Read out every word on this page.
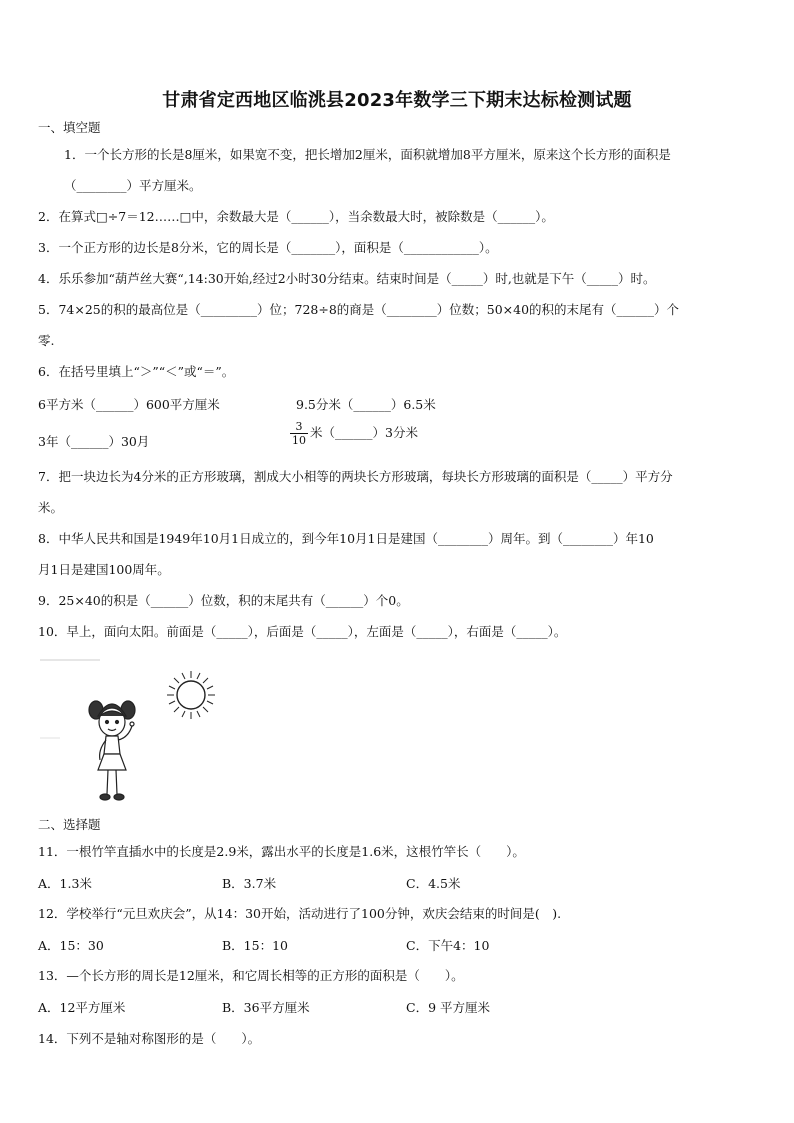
甘肃省定西地区临洮县2023年数学三下期末达标检测试题
一、填空题
1．一个长方形的长是8厘米，如果宽不变，把长增加2厘米，面积就增加8平方厘米，原来这个长方形的面积是
（________）平方厘米。
2．在算式□÷7＝12……□中，余数最大是（______），当余数最大时，被除数是（______）。
3．一个正方形的边长是8分米，它的周长是（_______），面积是（____________）。
4．乐乐参加“葫芦丝大赛“,14:30开始,经过2小时30分结束。结束时间是（_____）时,也就是下午（_____）时。
5．74×25的积的最高位是（_________）位；728÷8的商是（________）位数；50×40的积的末尾有（______）个
零.
6．在括号里填上“＞”“＜”或“＝”。
6平方米（______）600平方厘米	9.5分米（______）6.5米
3年（______）30月	$\frac{3}{10}$ 米（______）3分米
7．把一块边长为4分米的正方形玻璃，割成大小相等的两块长方形玻璃，每块长方形玻璃的面积是（_____）平方分
米。
8．中华人民共和国是1949年10月1日成立的，到今年10月1日是建国（________）周年。到（________）年10
月1日是建国100周年。
9．25×40的积是（______）位数，积的末尾共有（______）个0。
10．早上，面向太阳。前面是（_____），后面是（_____），左面是（_____），右面是（_____）。
二、选择题
11．一根竹竿直插水中的长度是2.9米，露出水平的长度是1.6米，这根竹竿长（　　）。
A．1.3米	B．3.7米	C．4.5米
12．学校举行“元旦欢庆会”，从14：30开始，活动进行了100分钟，欢庆会结束的时间是(　).
A．15：30	B．15：10	C．下午4：10
13．—个长方形的周长是12厘米，和它周长相等的正方形的面积是（　　）。
A．12平方厘米	B．36平方厘米	C．9 平方厘米
14．下列不是轴对称图形的是（　　）。
